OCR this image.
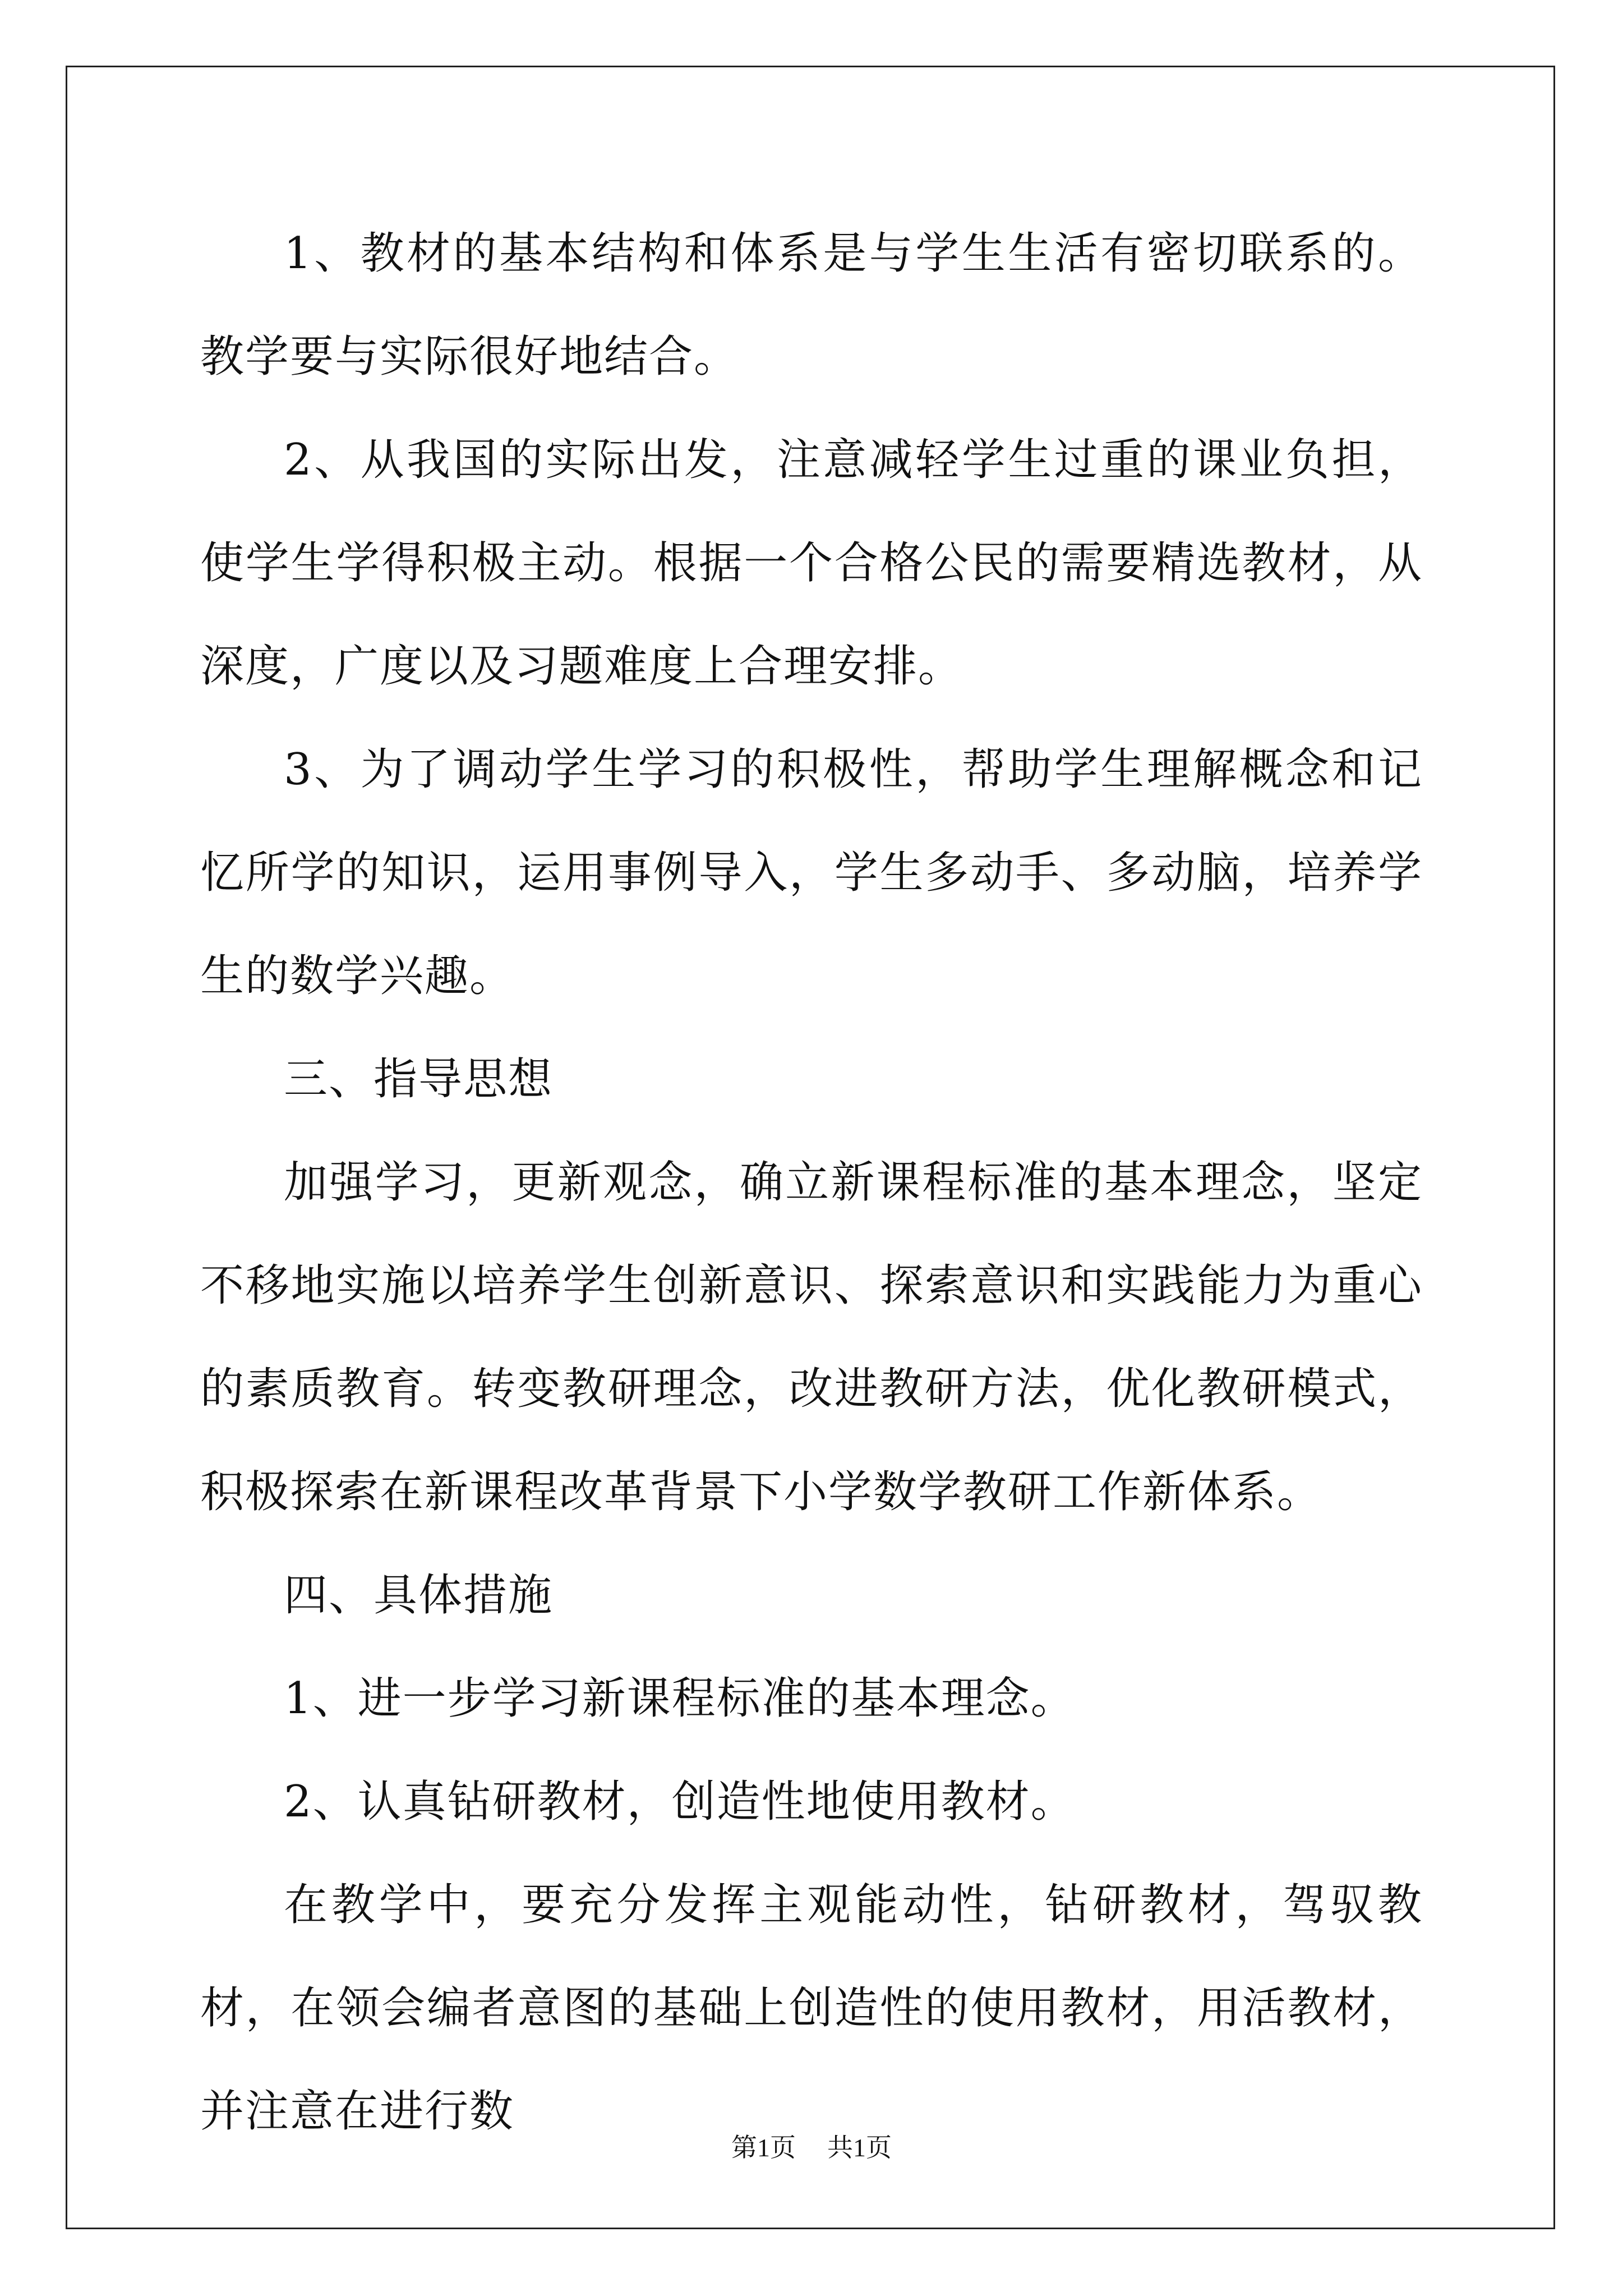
1、教材的基本结构和体系是与学生生活有密切联系的。教学要与实际很好地结合。

2、从我国的实际出发，注意减轻学生过重的课业负担，使学生学得积极主动。根据一个合格公民的需要精选教材，从深度，广度以及习题难度上合理安排。

3、为了调动学生学习的积极性，帮助学生理解概念和记忆所学的知识，运用事例导入，学生多动手、多动脑，培养学生的数学兴趣。

三、指导思想

加强学习，更新观念，确立新课程标准的基本理念，坚定不移地实施以培养学生创新意识、探索意识和实践能力为重心的素质教育。转变教研理念，改进教研方法，优化教研模式，积极探索在新课程改革背景下小学数学教研工作新体系。

四、具体措施

1、进一步学习新课程标准的基本理念。

2、认真钻研教材，创造性地使用教材。

在教学中，要充分发挥主观能动性，钻研教材，驾驭教材，在领会编者意图的基础上创造性的使用教材，用活教材，并注意在进行数

第1页 共1页
